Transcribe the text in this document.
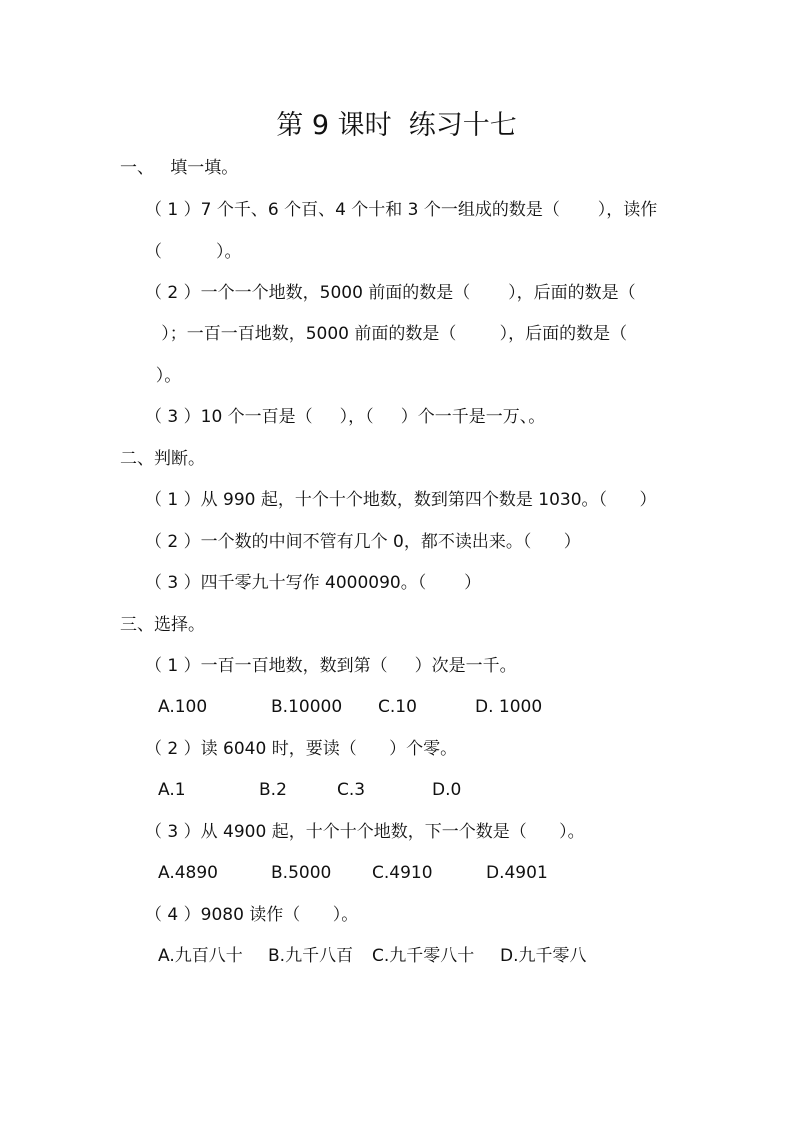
第 9 课时  练习十七
一、   填一填。
（ 1 ）7 个千、6 个百、4 个十和 3 个一组成的数是（       ），读作
（          ）。
（ 2 ）一个一个地数，5000 前面的数是（       ），后面的数是（
）；一百一百地数，5000 前面的数是（        ），后面的数是（
）。
（ 3 ）10 个一百是（     ），（     ）个一千是一万、。
二、判断。
（ 1 ）从 990 起，十个十个地数，数到第四个数是 1030。（      ）
（ 2 ）一个数的中间不管有几个 0，都不读出来。（      ）
（ 3 ）四千零九十写作 4000090。（       ）
三、选择。
（ 1 ）一百一百地数，数到第（     ）次是一千。
A.100	B.10000 C.10	D. 1000
（ 2 ）读 6040 时，要读（      ）个零。
A.1	B.2	C.3	D.0
（ 3 ）从 4900 起，十个十个地数，下一个数是（      ）。
A.4890	B.5000 C.4910	D.4901
（ 4 ）9080 读作（      ）。
A.九百八十 B.九千八百 C.九千零八十 D.九千零八
